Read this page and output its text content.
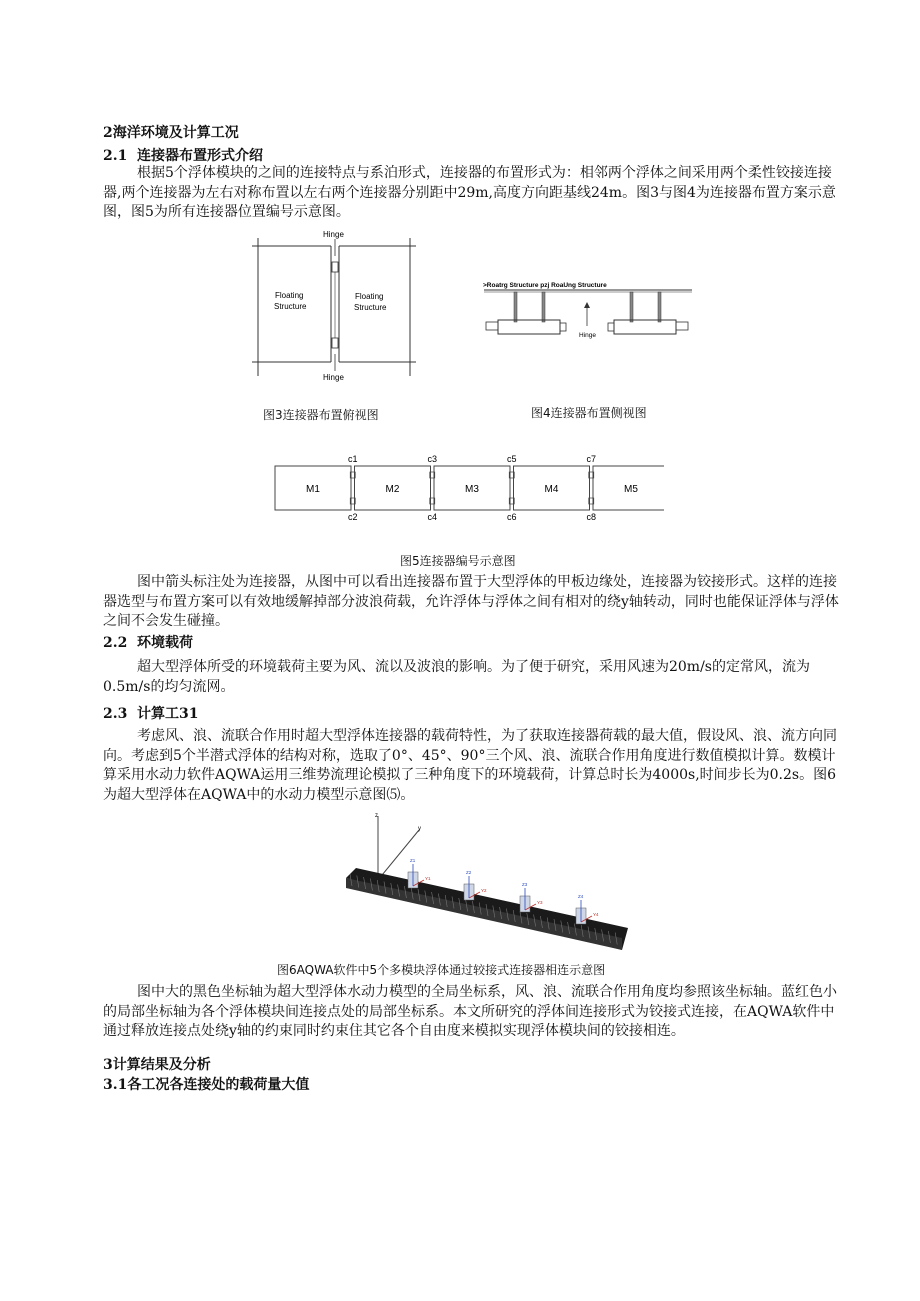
2海洋环境及计算工况
2.1 连接器布置形式介绍
根据5个浮体模块的之间的连接特点与系泊形式，连接器的布置形式为：相邻两个浮体之间采用两个柔性铰接连接器,两个连接器为左右对称布置以左右两个连接器分别距中29m,高度方向距基线24m。图3与图4为连接器布置方案示意图，图5为所有连接器位置编号示意图。
Hinge
Floating
Structure
Floating
Structure
Hinge
>Roatrg Structure pzj RoaUng Structure
Hinge
图3连接器布置俯视图	图4连接器布置侧视图
M1	M2	M3	M4	M5
c1
c2
c3
c4
c5
c6
c7
c8
图5连接器编号示意图
图中箭头标注处为连接器，从图中可以看出连接器布置于大型浮体的甲板边缘处，连接器为铰接形式。这样的连接器选型与布置方案可以有效地缓解掉部分波浪荷载，允许浮体与浮体之间有相对的绕y轴转动，同时也能保证浮体与浮体之间不会发生碰撞。
2.2 环境载荷
超大型浮体所受的环境载荷主要为风、流以及波浪的影响。为了便于研究，采用风速为20m/s的定常风，流为0.5m/s的均匀流网。
2.3 计算工31
考虑风、浪、流联合作用时超大型浮体连接器的载荷特性，为了获取连接器荷载的最大值，假设风、浪、流方向同向。考虑到5个半潜式浮体的结构对称，选取了0°、45°、90°三个风、浪、流联合作用角度进行数值模拟计算。数模计算采用水动力软件AQWA运用三维势流理论模拟了三种角度下的环境载荷，计算总时长为4000s,时间步长为0.2s。图6为超大型浮体在AQWA中的水动力模型示意图⑸。
z
y
Z1
Y1
Z2
Y2
Z3
Y3
Z4
Y4
图6AQWA软件中5个多模块浮体通过较接式连接器相连示意图
图中大的黑色坐标轴为超大型浮体水动力模型的全局坐标系，风、浪、流联合作用角度均参照该坐标轴。蓝红色小的局部坐标轴为各个浮体模块间连接点处的局部坐标系。本文所研究的浮体间连接形式为铰接式连接，在AQWA软件中通过释放连接点处绕y轴的约束同时约束住其它各个自由度来模拟实现浮体模块间的铰接相连。
3计算结果及分析
3.1各工况各连接处的载荷量大值
